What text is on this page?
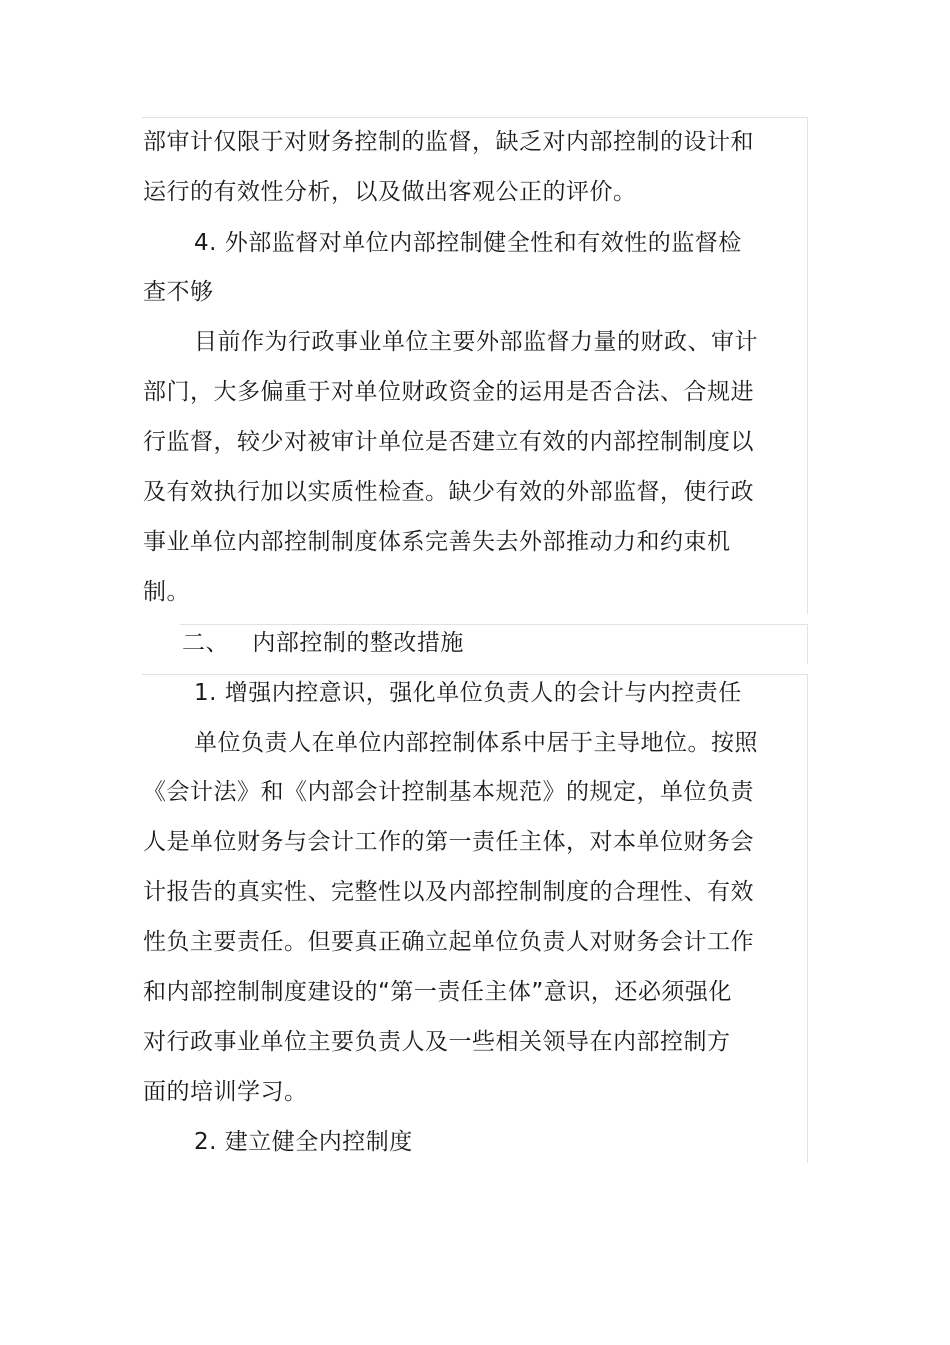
部审计仅限于对财务控制的监督，缺乏对内部控制的设计和
运行的有效性分析，以及做出客观公正的评价。
4. 外部监督对单位内部控制健全性和有效性的监督检
查不够
目前作为行政事业单位主要外部监督力量的财政、审计
部门，大多偏重于对单位财政资金的运用是否合法、合规进
行监督，较少对被审计单位是否建立有效的内部控制制度以
及有效执行加以实质性检查。缺少有效的外部监督，使行政
事业单位内部控制制度体系完善失去外部推动力和约束机
制。
二、   内部控制的整改措施
1. 增强内控意识，强化单位负责人的会计与内控责任
单位负责人在单位内部控制体系中居于主导地位。按照
《会计法》和《内部会计控制基本规范》的规定，单位负责
人是单位财务与会计工作的第一责任主体，对本单位财务会
计报告的真实性、完整性以及内部控制制度的合理性、有效
性负主要责任。但要真正确立起单位负责人对财务会计工作
和内部控制制度建设的“第一责任主体”意识，还必须强化
对行政事业单位主要负责人及一些相关领导在内部控制方
面的培训学习。
2. 建立健全内控制度
